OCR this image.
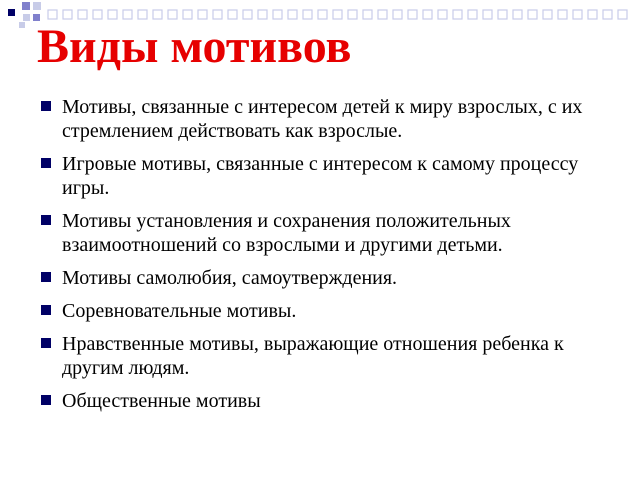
Виды мотивов
Мотивы, связанные с интересом детей к миру взрослых, с их стремлением действовать как взрослые.
Игровые мотивы, связанные с интересом к самому процессу игры.
Мотивы установления и сохранения положительных взаимоотношений со взрослыми и другими детьми.
Мотивы самолюбия, самоутверждения.
Соревновательные мотивы.
Нравственные мотивы, выражающие отношения ребенка к другим людям.
Общественные мотивы
